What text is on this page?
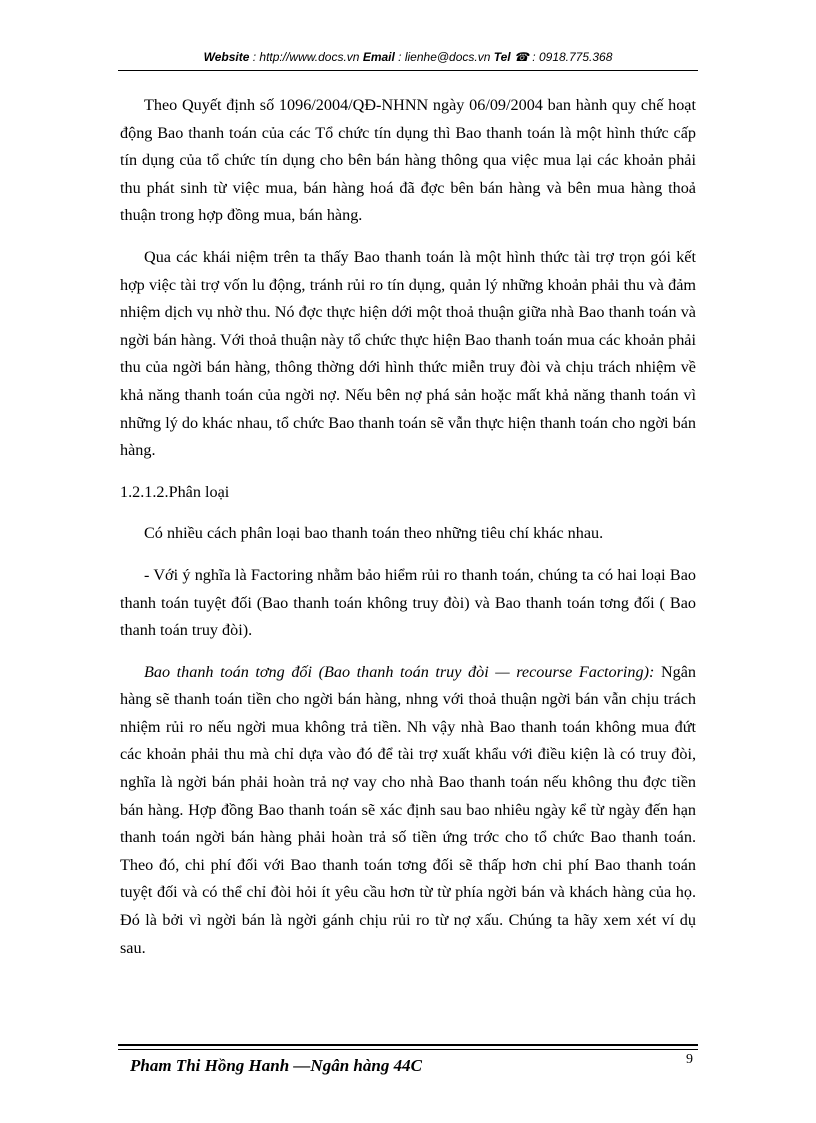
Website : http://www.docs.vn Email : lienhe@docs.vn Tel ☎ : 0918.775.368

Theo Quyết định số 1096/2004/QĐ-NHNN ngày 06/09/2004 ban hành quy chế hoạt động Bao thanh toán của các Tổ chức tín dụng thì Bao thanh toán là một hình thức cấp tín dụng của tổ chức tín dụng cho bên bán hàng thông qua việc mua lại các khoản phải thu phát sinh từ việc mua, bán hàng hoá đã đợc bên bán hàng và bên mua hàng thoả thuận trong hợp đồng mua, bán hàng.

Qua các khái niệm trên ta thấy Bao thanh toán là một hình thức tài trợ trọn gói kết hợp việc tài trợ vốn lu động, tránh rủi ro tín dụng, quản lý những khoản phải thu và đảm nhiệm dịch vụ nhờ thu. Nó đợc thực hiện dới một thoả thuận giữa nhà Bao thanh toán và ngời bán hàng. Với thoả thuận này tổ chức thực hiện Bao thanh toán mua các khoản phải thu của ngời bán hàng, thông thờng dới hình thức miễn truy đòi và chịu trách nhiệm về khả năng thanh toán của ngời nợ. Nếu bên nợ phá sản hoặc mất khả năng thanh toán vì những lý do khác nhau, tổ chức Bao thanh toán sẽ vẫn thực hiện thanh toán cho ngời bán hàng.

1.2.1.2.Phân loại

Có nhiều cách phân loại bao thanh toán theo những tiêu chí khác nhau.

- Với ý nghĩa là Factoring nhằm bảo hiểm rủi ro thanh toán, chúng ta có hai loại Bao thanh toán tuyệt đối (Bao thanh toán không truy đòi) và Bao thanh toán tơng đối ( Bao thanh toán truy đòi).

Bao thanh toán tơng đối (Bao thanh toán truy đòi — recourse Factoring): Ngân hàng sẽ thanh toán tiền cho ngời bán hàng, nhng với thoả thuận ngời bán vẫn chịu trách nhiệm rủi ro nếu ngời mua không trả tiền. Nh vậy nhà Bao thanh toán không mua đứt các khoản phải thu mà chỉ dựa vào đó để tài trợ xuất khẩu với điều kiện là có truy đòi, nghĩa là ngời bán phải hoàn trả nợ vay cho nhà Bao thanh toán nếu không thu đợc tiền bán hàng. Hợp đồng Bao thanh toán sẽ xác định sau bao nhiêu ngày kể từ ngày đến hạn thanh toán ngời bán hàng phải hoàn trả số tiền ứng trớc cho tổ chức Bao thanh toán. Theo đó, chi phí đối với Bao thanh toán tơng đối sẽ thấp hơn chi phí Bao thanh toán tuyệt đối và có thể chỉ đòi hỏi ít yêu cầu hơn từ từ phía ngời bán và khách hàng của họ. Đó là bởi vì ngời bán là ngời gánh chịu rủi ro từ nợ xấu. Chúng ta hãy xem xét ví dụ sau.

Pham Thi Hồng Hanh —Ngân hàng 44C	9
